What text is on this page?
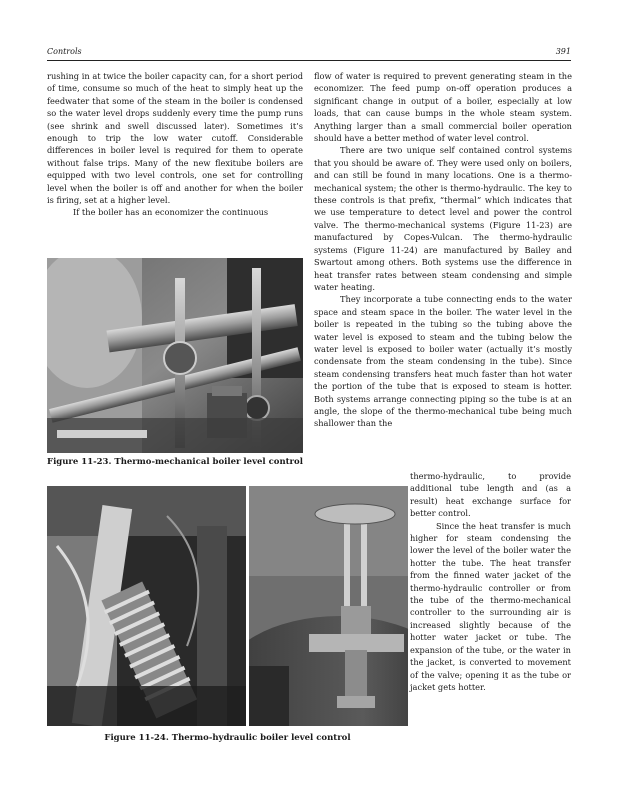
Controls	391

rushing in at twice the boiler capacity can, for a short period of time, consume so much of the heat to simply heat up the feedwater that some of the steam in the boiler is condensed so the water level drops suddenly every time the pump runs (see shrink and swell discussed later). Sometimes it’s enough to trip the low water cutoff. Considerable differences in boiler level is required for them to operate without false trips. Many of the new flexitube boilers are equipped with two level controls, one set for controlling level when the boiler is off and another for when the boiler is firing, set at a higher level.

If the boiler has an economizer the continuous

Figure 11-23. Thermo-mechanical boiler level control

flow of water is required to prevent generating steam in the economizer. The feed pump on-off operation produces a significant change in output of a boiler, especially at low loads, that can cause bumps in the whole steam system. Anything larger than a small commercial boiler operation should have a better method of water level control.

There are two unique self contained control systems that you should be aware of. They were used only on boilers, and can still be found in many locations. One is a thermo-mechanical system; the other is thermo-hydraulic. The key to these controls is that prefix, “thermal” which indicates that we use temperature to detect level and power the control valve. The thermo-mechanical systems (Figure 11-23) are manufactured by Copes-Vulcan. The thermo-hydraulic systems (Figure 11-24) are manufactured by Bailey and Swartout among others. Both systems use the difference in heat transfer rates between steam condensing and simple water heating.

They incorporate a tube connecting ends to the water space and steam space in the boiler. The water level in the boiler is repeated in the tubing so the tubing above the water level is exposed to steam and the tubing below the water level is exposed to boiler water (actually it’s mostly condensate from the steam condensing in the tube). Since steam condensing transfers heat much faster than hot water the portion of the tube that is exposed to steam is hotter. Both systems arrange connecting piping so the tube is at an angle, the slope of the thermo-mechanical tube being much shallower than the

Figure 11-24. Thermo-hydraulic boiler level control

thermo-hydraulic, to provide additional tube length and (as a result) heat exchange surface for better control.

Since the heat transfer is much higher for steam condensing the lower the level of the boiler water the hotter the tube. The heat transfer from the finned water jacket of the thermo-hydraulic controller or from the tube of the thermo-mechanical controller to the surrounding air is increased slightly because of the hotter water jacket or tube. The expansion of the tube, or the water in the jacket, is converted to movement of the valve; opening it as the tube or jacket gets hotter.
